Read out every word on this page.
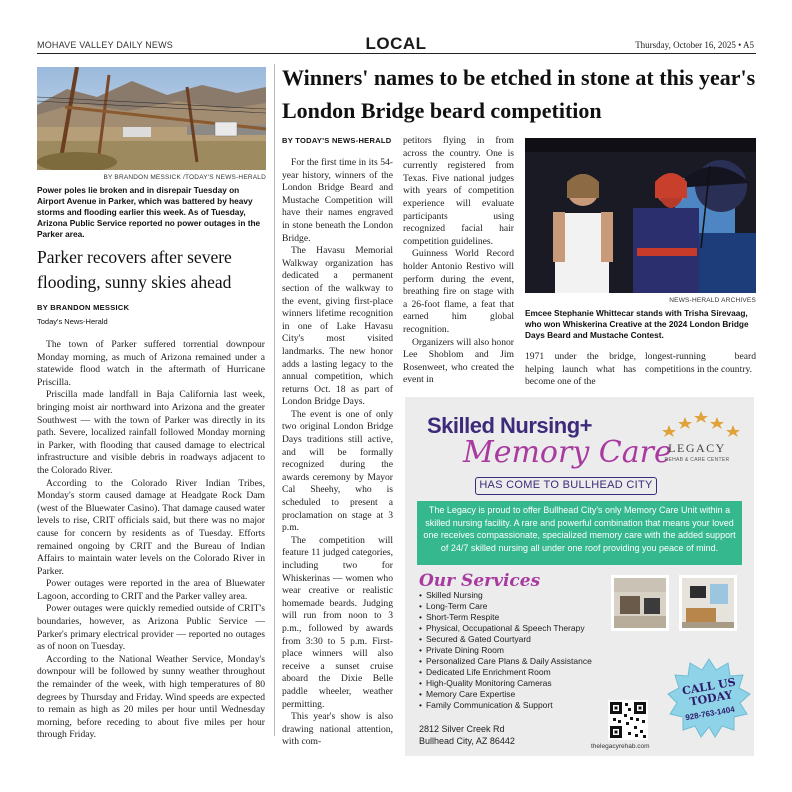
MOHAVE VALLEY DAILY NEWS	LOCAL	Thursday, October 16, 2025 • A5
BY BRANDON MESSICK /TODAY'S NEWS-HERALD
Power poles lie broken and in disrepair Tuesday on Airport Avenue in Parker, which was battered by heavy storms and flooding earlier this week. As of Tuesday, Arizona Public Service reported no power outages in the Parker area.
Parker recovers after severe flooding, sunny skies ahead
BY BRANDON MESSICK
Today's News-Herald

The town of Parker suffered torrential downpour Monday morning, as much of Arizona remained under a statewide flood watch in the aftermath of Hurricane Priscilla.

Priscilla made landfall in Baja California last week, bringing moist air northward into Arizona and the greater Southwest — with the town of Parker was directly in its path. Severe, localized rainfall followed Monday morning in Parker, with flooding that caused damage to electrical infrastructure and visible debris in roadways adjacent to the Colorado River.

According to the Colorado River Indian Tribes, Monday's storm caused damage at Headgate Rock Dam (west of the Bluewater Casino). That damage caused water levels to rise, CRIT officials said, but there was no major cause for concern by residents as of Tuesday. Efforts remained ongoing by CRIT and the Bureau of Indian Affairs to maintain water levels on the Colorado River in Parker.

Power outages were reported in the area of Bluewater Lagoon, according to CRIT and the Parker valley area.

Power outages were quickly remedied outside of CRIT's boundaries, however, as Arizona Public Service — Parker's primary electrical provider — reported no outages as of noon on Tuesday.

According to the National Weather Service, Monday's downpour will be followed by sunny weather throughout the remainder of the week, with high temperatures of 80 degrees by Thursday and Friday. Wind speeds are expected to remain as high as 20 miles per hour until Wednesday morning, before receding to about five miles per hour through Friday.

Winners' names to be etched in stone at this year's London Bridge beard competition
BY TODAY'S NEWS-HERALD

For the first time in its 54-year history, winners of the London Bridge Beard and Mustache Competition will have their names engraved in stone beneath the London Bridge.

The Havasu Memorial Walkway organization has dedicated a permanent section of the walkway to the event, giving first-place winners lifetime recognition in one of Lake Havasu City's most visited landmarks. The new honor adds a lasting legacy to the annual competition, which returns Oct. 18 as part of London Bridge Days.

The event is one of only two original London Bridge Days traditions still active, and will be formally recognized during the awards ceremony by Mayor Cal Sheehy, who is scheduled to present a proclamation on stage at 3 p.m.

The competition will feature 11 judged categories, including two for Whiskerinas — women who wear creative or realistic homemade beards. Judging will run from noon to 3 p.m., followed by awards from 3:30 to 5 p.m. First-place winners will also receive a sunset cruise aboard the Dixie Belle paddle wheeler, weather permitting.

This year's show is also drawing national attention, with com-

petitors flying in from across the country. One is currently registered from Texas. Five national judges with years of competition experience will evaluate participants using recognized facial hair competition guidelines.

Guinness World Record holder Antonio Restivo will perform during the event, breathing fire on stage with a 26-foot flame, a feat that earned him global recognition.

Organizers will also honor Lee Shoblom and Jim Rosenweet, who created the event in

NEWS-HERALD ARCHIVES
Emcee Stephanie Whittecar stands with Trisha Sirevaag, who won Whiskerina Creative at the 2024 London Bridge Days Beard and Mustache Contest.

1971 under the bridge, helping launch what has become one of the

longest-running beard competitions in the country.

Skilled Nursing+
Memory Care
HAS COME TO BULLHEAD CITY
LEGACY
REHAB & CARE CENTER
The Legacy is proud to offer Bullhead City's only Memory Care Unit within a skilled nursing facility. A rare and powerful combination that means your loved one receives compassionate, specialized memory care with the added support of 24/7 skilled nursing all under one roof providing you peace of mind.
Our Services
• Skilled Nursing
• Long-Term Care
• Short-Term Respite
• Physical, Occupational & Speech Therapy
• Secured & Gated Courtyard
• Private Dining Room
• Personalized Care Plans & Daily Assistance
• Dedicated Life Enrichment Room
• High-Quality Monitoring Cameras
• Memory Care Expertise
• Family Communication & Support
2812 Silver Creek Rd
Bullhead City, AZ 86442
thelegacyrehab.com
CALL US TODAY
928-763-1404
